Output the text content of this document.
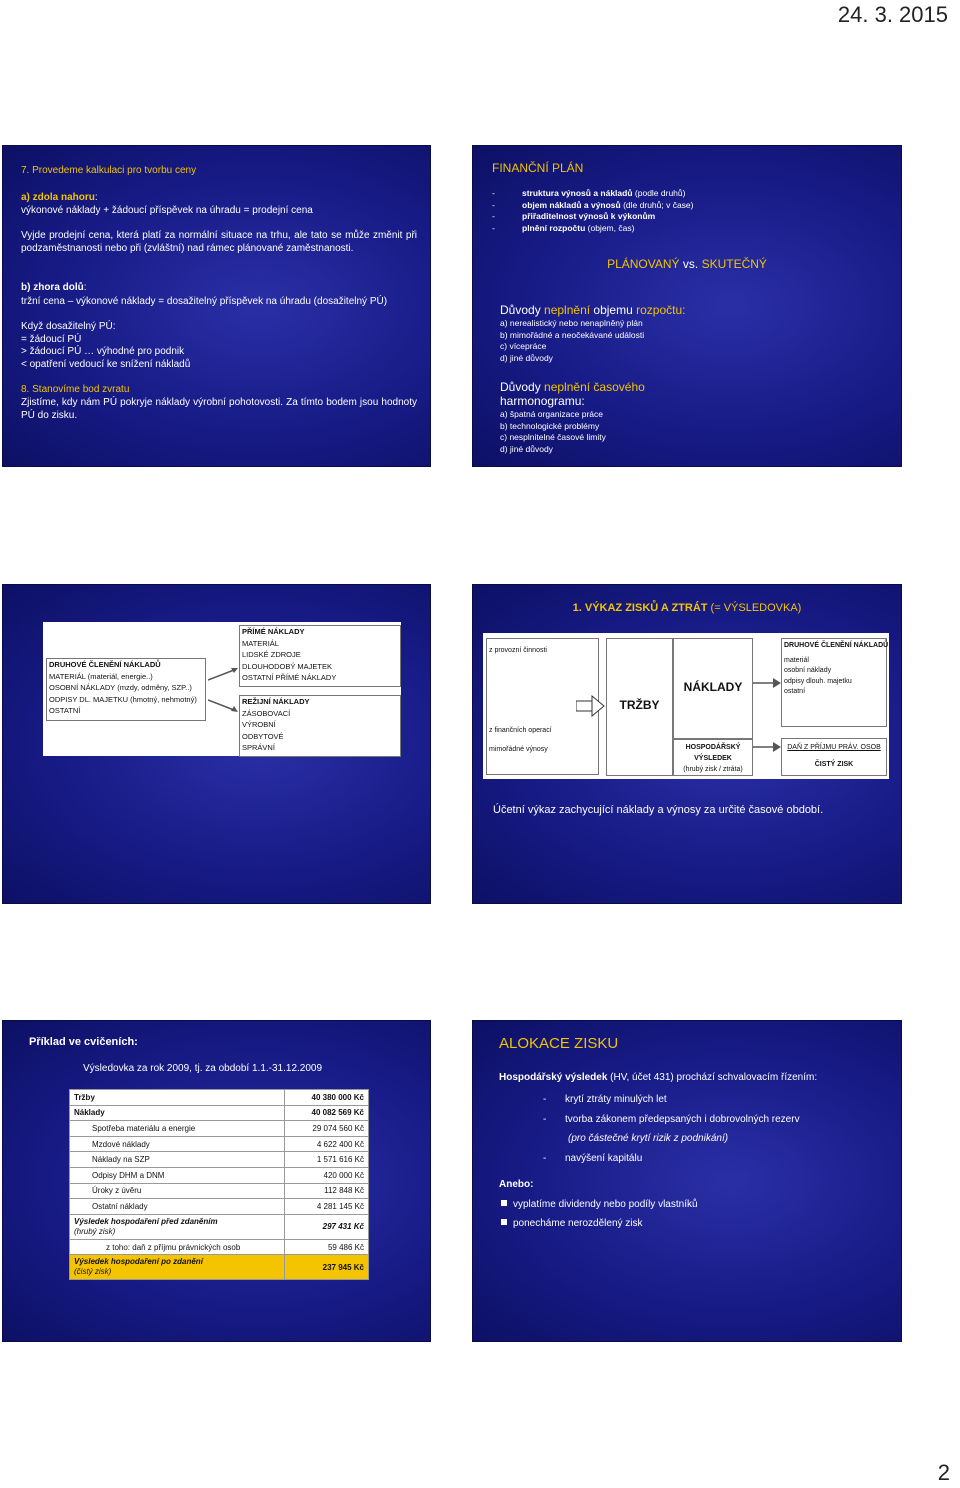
24. 3. 2015
7. Provedeme kalkulaci pro tvorbu ceny
a) zdola nahoru:
výkonové náklady + žádoucí příspěvek na úhradu = prodejní cena
Vyjde prodejní cena, která platí za normální situace na trhu, ale tato se může změnit při podzaměstnanosti nebo při (zvláštní) nad rámec plánované zaměstnanosti.
b) zhora dolů:
tržní cena – výkonové náklady = dosažitelný příspěvek na úhradu (dosažitelný PÚ)
Když dosažitelný PÚ:
= žádoucí PÚ
> žádoucí PÚ … výhodné pro podnik
< opatření vedoucí ke snížení nákladů
8. Stanovíme bod zvratu
Zjistíme, kdy nám PÚ pokryje náklady výrobní pohotovosti. Za tímto bodem jsou hodnoty PÚ do zisku.
FINANČNÍ PLÁN
-	struktura výnosů a nákladů (podle druhů)
-	objem nákladů a výnosů (dle druhů; v čase)
-	přiřaditelnost výnosů k výkonům
-	plnění rozpočtu (objem, čas)
PLÁNOVANÝ vs. SKUTEČNÝ
Důvody neplnění objemu rozpočtu:
a) nerealistický nebo nenaplněný plán
b) mimořádné a neočekávané události
c) vícepráce
d) jiné důvody
Důvody neplnění časového
harmonogramu:
a) špatná organizace práce
b) technologické problémy
c) nesplnitelné časové limity
d) jiné důvody
DRUHOVÉ ČLENĚNÍ NÁKLADŮ
MATERIÁL (materiál, energie..)
OSOBNÍ NÁKLADY (mzdy, odměny, SZP..)
ODPISY DL. MAJETKU (hmotný, nehmotný)
OSTATNÍ
PŘÍMÉ NÁKLADY
MATERIÁL
LIDSKÉ ZDROJE
DLOUHODOBÝ MAJETEK
OSTATNÍ PŘÍMÉ NÁKLADY
REŽIJNÍ NÁKLADY
ZÁSOBOVACÍ
VÝROBNÍ
ODBYTOVÉ
SPRÁVNÍ
1. VÝKAZ ZISKŮ A ZTRÁT (= VÝSLEDOVKA)
z provozní činnosti
z finančních operací
mimořádné výnosy
TRŽBY
NÁKLADY
HOSPODÁŘSKÝ
VÝSLEDEK
(hrubý zisk / ztráta)
DRUHOVÉ ČLENĚNÍ NÁKLADŮ
materiál
osobní náklady
odpisy dlouh. majetku
ostatní
DAŇ Z PŘÍJMU PRÁV. OSOB
ČISTÝ ZISK
Účetní výkaz zachycující náklady a výnosy za určité časové období.
Příklad ve cvičeních:
Výsledovka za rok 2009, tj. za období 1.1.-31.12.2009
Tržby	40 380 000 Kč
Náklady	40 082 569 Kč
Spotřeba materiálu a energie	29 074 560 Kč
Mzdové náklady	4 622 400 Kč
Náklady na SZP	1 571 616 Kč
Odpisy DHM a DNM	420 000 Kč
Úroky z úvěru	112 848 Kč
Ostatní náklady	4 281 145 Kč
Výsledek hospodaření před zdaněním
(hrubý zisk)	297 431 Kč
z toho: daň z příjmu právnických osob	59 486 Kč
Výsledek hospodaření po zdanění
(čistý zisk)	237 945 Kč
ALOKACE ZISKU
Hospodářský výsledek (HV, účet 431) prochází schvalovacím řízením:
- krytí ztráty minulých let
- tvorba zákonem předepsaných i dobrovolných rezerv
(pro částečné krytí rizik z podnikání)
- navýšení kapitálu
Anebo:
vyplatíme dividendy nebo podíly vlastníků
ponecháme nerozdělený zisk
2
